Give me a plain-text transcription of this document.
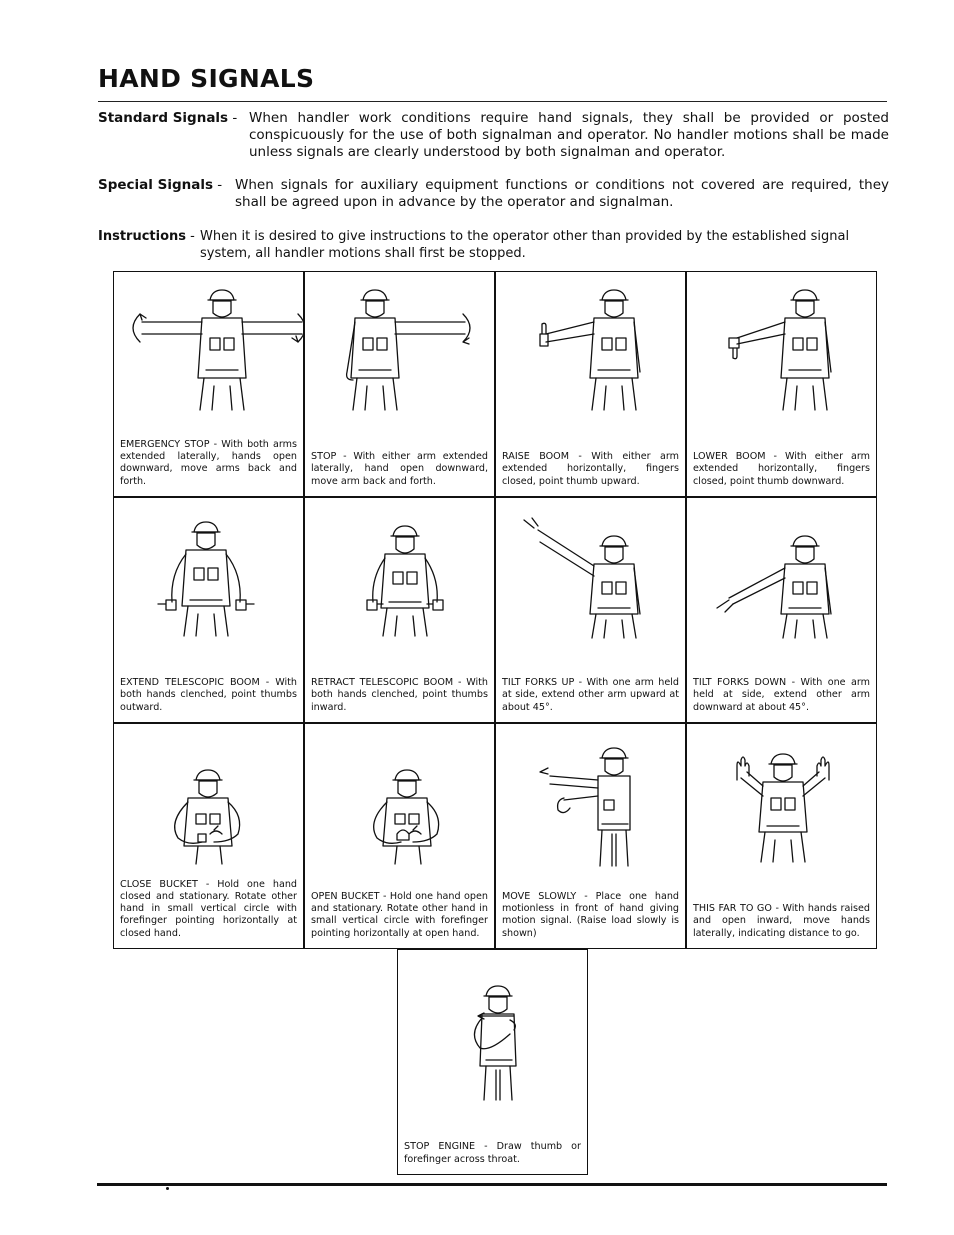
HAND SIGNALS
Standard Signals - When handler work conditions require hand signals, they shall be provided or posted conspicuously for the use of both signalman and operator. No handler motions shall be made unless signals are clearly understood by both signalman and operator.
Special Signals - When signals for auxiliary equipment functions or conditions not covered are required, they shall be agreed upon in advance by the operator and signalman.
Instructions - When it is desired to give instructions to the operator other than provided by the established signal system, all handler motions shall first be stopped.
EMERGENCY STOP - With both arms extended laterally, hands open downward, move arms back and forth.
STOP - With either arm extended laterally, hand open downward, move arm back and forth.
RAISE BOOM - With either arm extended horizontally, fingers closed, point thumb upward.
LOWER BOOM - With either arm extended horizontally, fingers closed, point thumb downward.
EXTEND TELESCOPIC BOOM - With both hands clenched, point thumbs outward.
RETRACT TELESCOPIC BOOM - With both hands clenched, point thumbs inward.
TILT FORKS UP - With one arm held at side, extend other arm upward at about 45°.
TILT FORKS DOWN - With one arm held at side, extend other arm downward at about 45°.
CLOSE BUCKET - Hold one hand closed and stationary. Rotate other hand in small vertical circle with forefinger pointing horizontally at closed hand.
OPEN BUCKET - Hold one hand open and stationary. Rotate other hand in small vertical circle with forefinger pointing horizontally at open hand.
MOVE SLOWLY - Place one hand motionless in front of hand giving motion signal. (Raise load slowly is shown)
THIS FAR TO GO - With hands raised and open inward, move hands laterally, indicating distance to go.
STOP ENGINE - Draw thumb or forefinger across throat.
